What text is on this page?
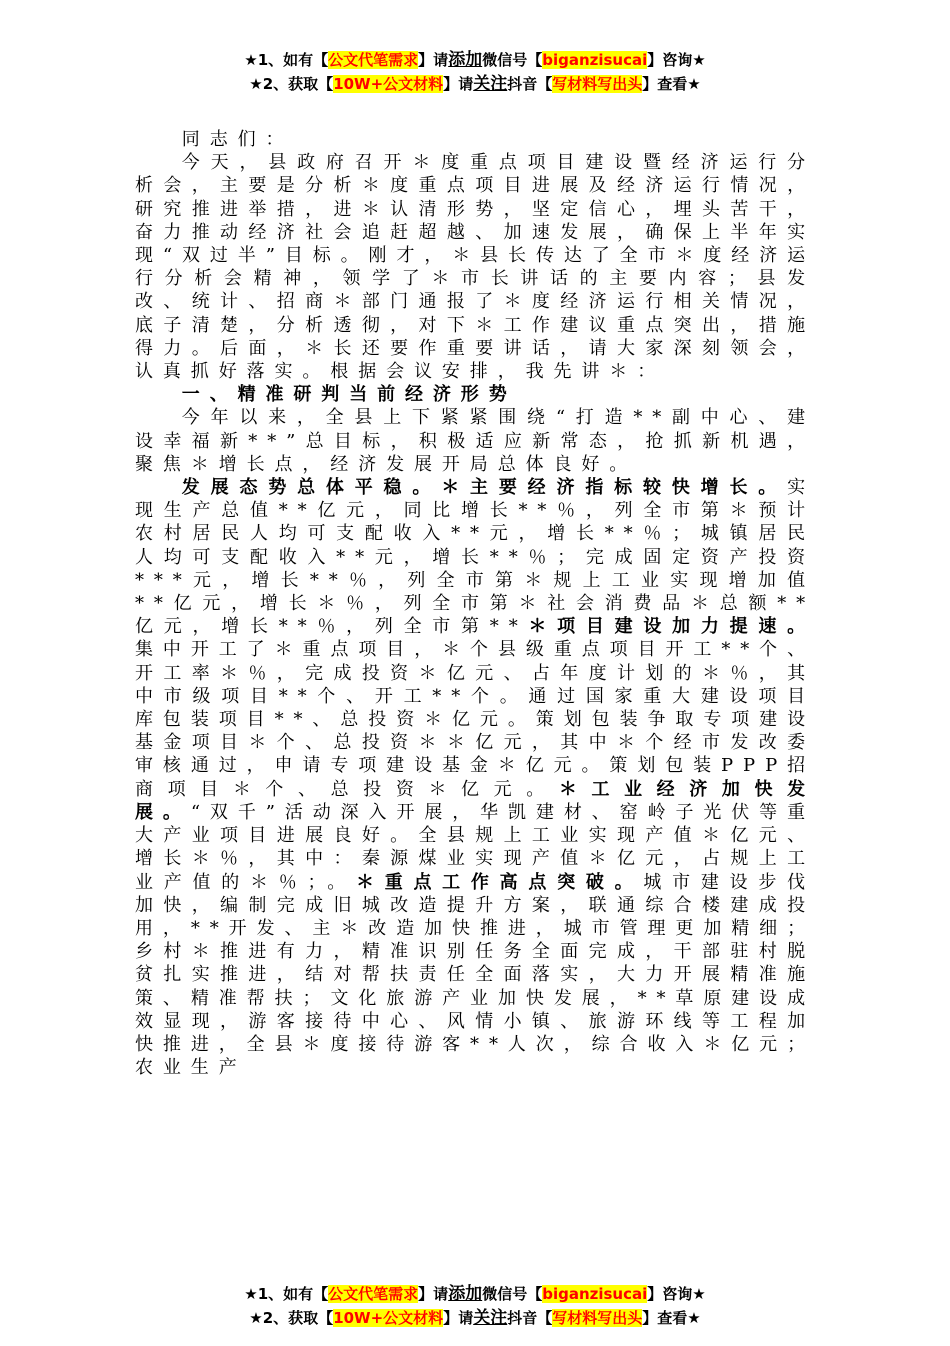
★1、如有【公文代笔需求】请添加微信号【biganzisucai】咨询★
★2、获取【10W+公文材料】请关注抖音【写材料写出头】查看★

同志们：

今天，县政府召开＊度重点项目建设暨经济运行分析会，主要是分析＊度重点项目进展及经济运行情况，研究推进举措，进＊认清形势，坚定信心，埋头苦干，奋力推动经济社会追赶超越、加速发展，确保上半年实现“双过半”目标。刚才，＊县长传达了全市＊度经济运行分析会精神，领学了＊市长讲话的主要内容；县发改、统计、招商＊部门通报了＊度经济运行相关情况，底子清楚，分析透彻，对下＊工作建议重点突出，措施得力。后面，＊长还要作重要讲话，请大家深刻领会，认真抓好落实。根据会议安排，我先讲＊：

一、精准研判当前经济形势

今年以来，全县上下紧紧围绕“打造**副中心、建设幸福新**”总目标，积极适应新常态，抢抓新机遇，聚焦＊增长点，经济发展开局总体良好。

发展态势总体平稳。＊主要经济指标较快增长。实现生产总值**亿元，同比增长**％，列全市第＊预计农村居民人均可支配收入**元，增长**％；城镇居民人均可支配收入**元，增长**％；完成固定资产投资***元，增长**％，列全市第＊规上工业实现增加值**亿元，增长＊％，列全市第＊社会消费品＊总额**亿元，增长**％，列全市第**＊项目建设加力提速。集中开工了＊重点项目，＊个县级重点项目开工**个、开工率＊％，完成投资＊亿元、占年度计划的＊％，其中市级项目**个、开工**个。通过国家重大建设项目库包装项目**、总投资＊亿元。策划包装争取专项建设基金项目＊个、总投资＊＊亿元，其中＊个经市发改委审核通过，申请专项建设基金＊亿元。策划包装PPP招商项目＊个、总投资＊亿元。＊工业经济加快发展。“双千”活动深入开展，华凯建材、窑岭子光伏等重大产业项目进展良好。全县规上工业实现产值＊亿元、增长＊％，其中：秦源煤业实现产值＊亿元，占规上工业产值的＊％；。＊重点工作高点突破。城市建设步伐加快，编制完成旧城改造提升方案，联通综合楼建成投用，**开发、主＊改造加快推进，城市管理更加精细；乡村＊推进有力，精准识别任务全面完成，干部驻村脱贫扎实推进，结对帮扶责任全面落实，大力开展精准施策、精准帮扶；文化旅游产业加快发展，**草原建设成效显现，游客接待中心、风情小镇、旅游环线等工程加快推进，全县＊度接待游客**人次，综合收入＊亿元；农业生产

★1、如有【公文代笔需求】请添加微信号【biganzisucai】咨询★
★2、获取【10W+公文材料】请关注抖音【写材料写出头】查看★
